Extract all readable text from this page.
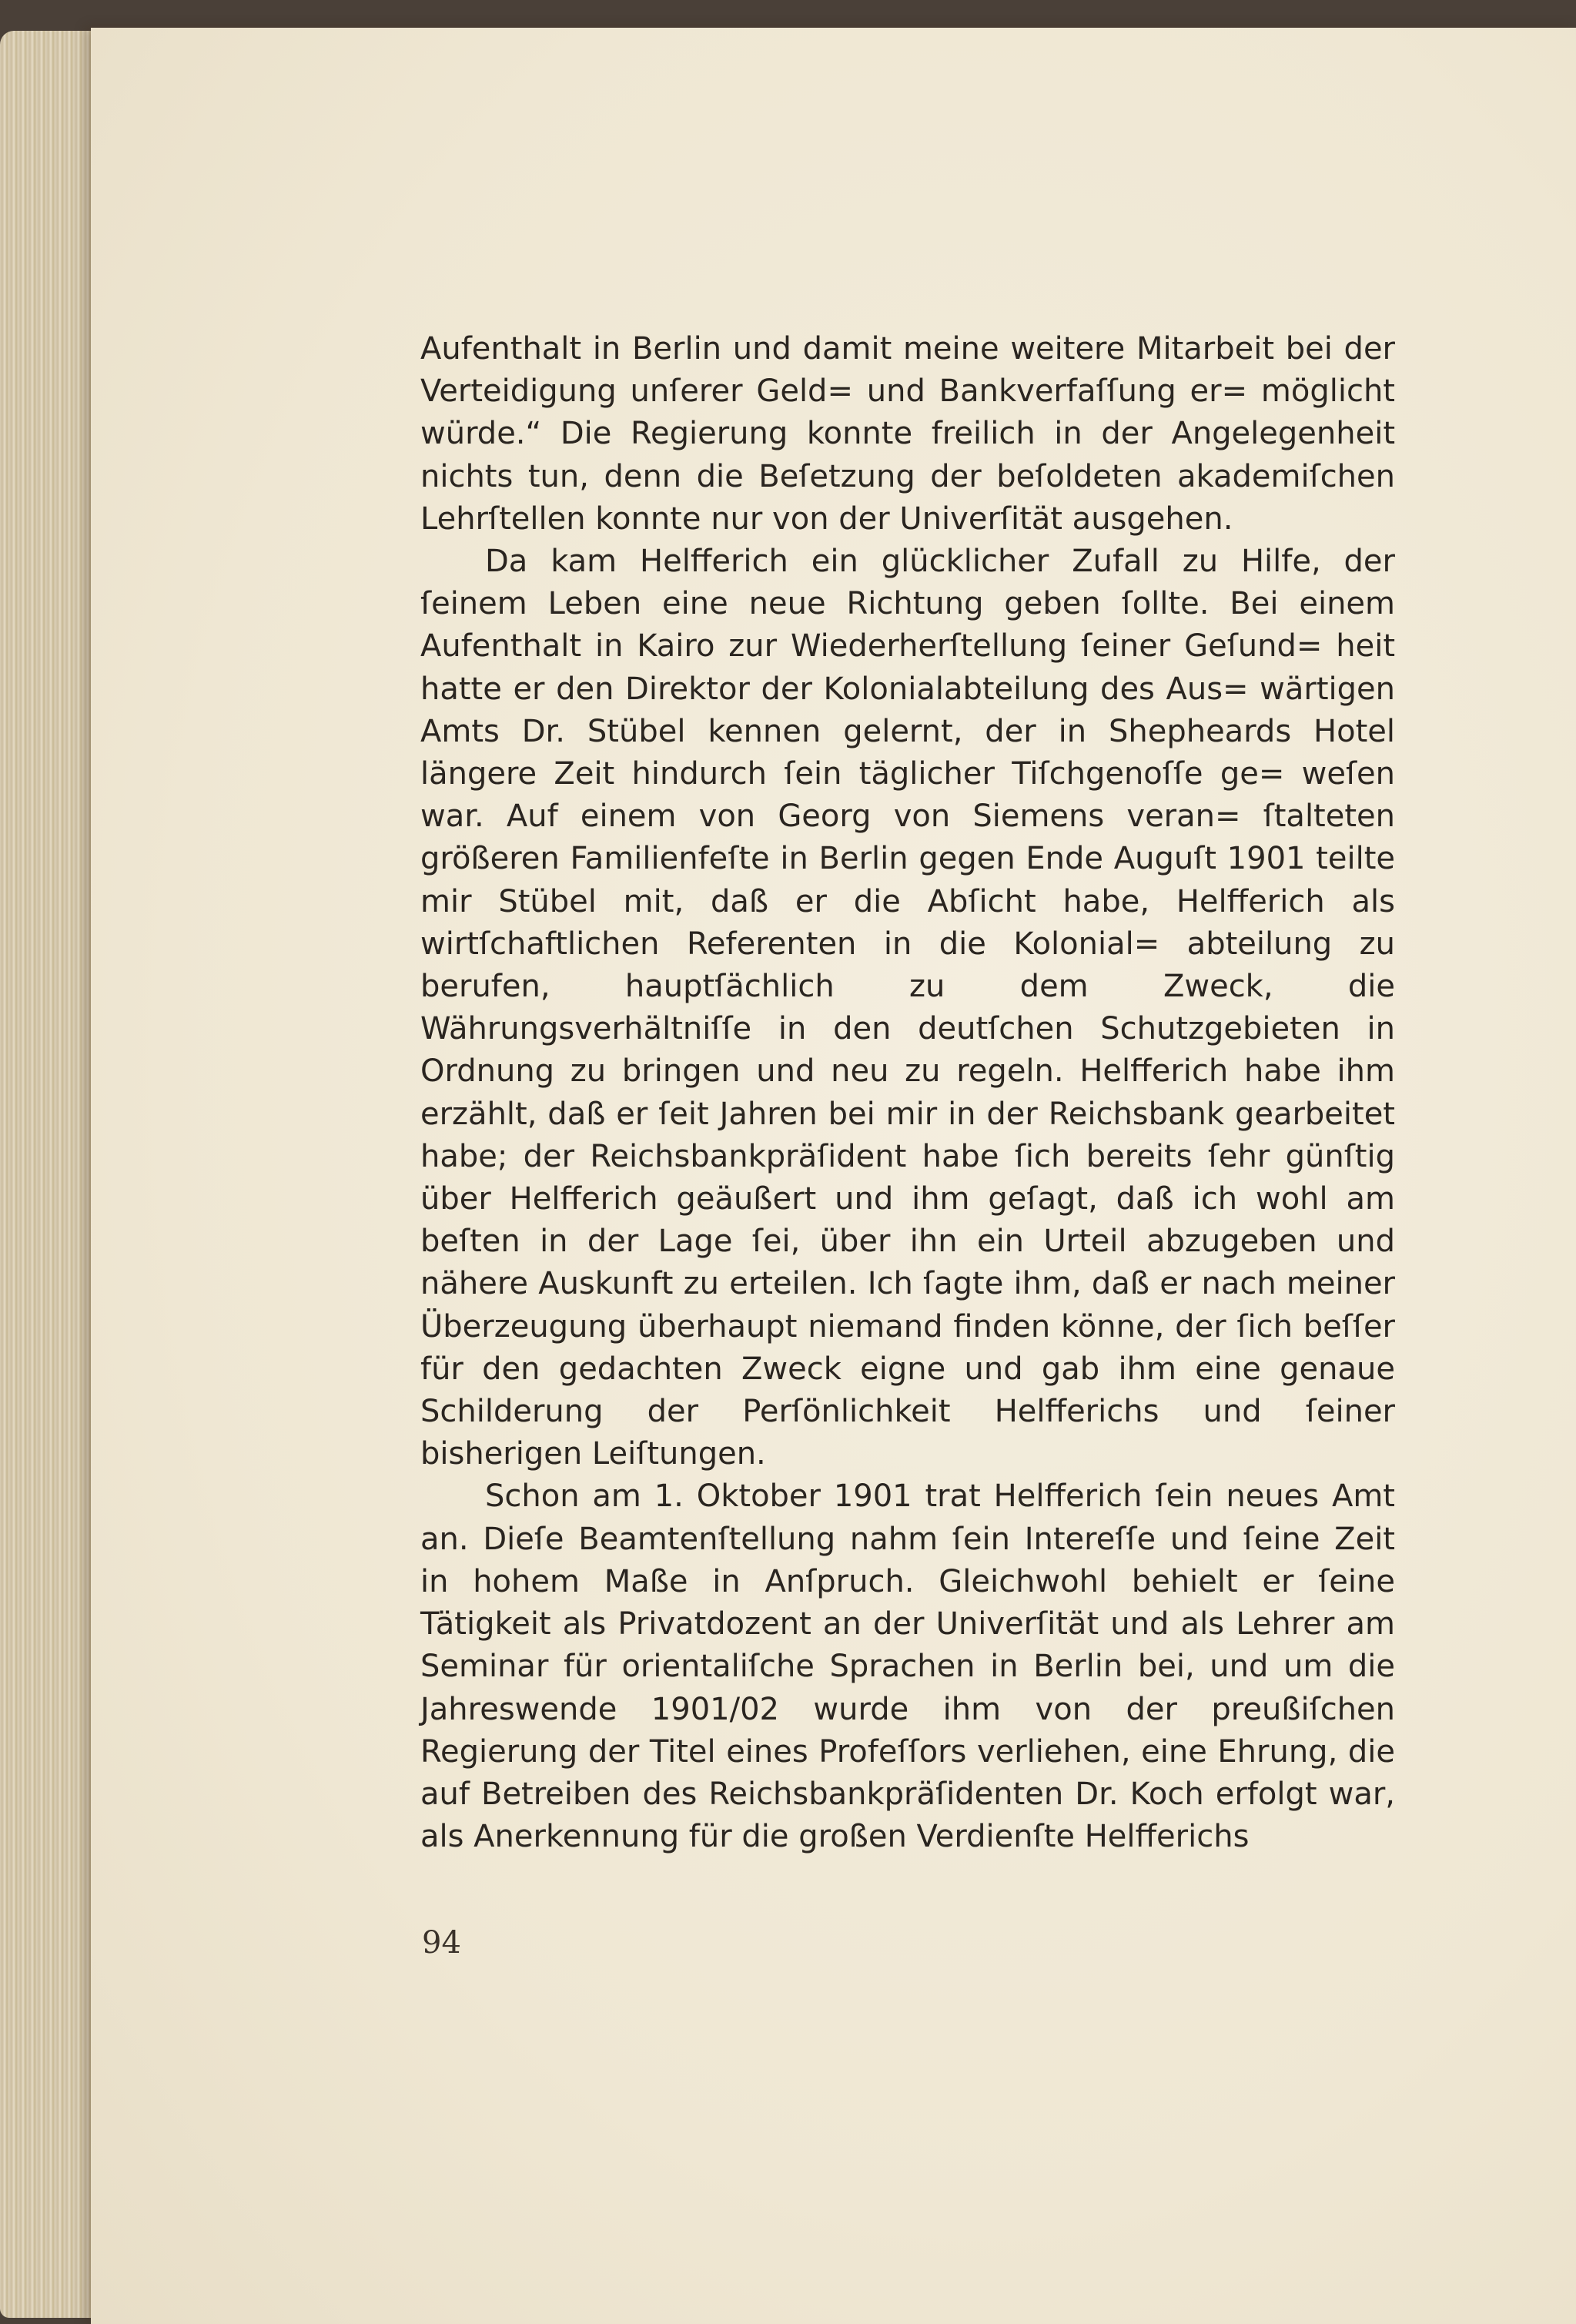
Aufenthalt in Berlin und damit meine weitere Mitarbeit bei der Verteidigung unſerer Geld= und Bankverfaſſung er= möglicht würde.“ Die Regierung konnte freilich in der Angelegenheit nichts tun, denn die Beſetzung der beſoldeten akademiſchen Lehrſtellen konnte nur von der Univerſität ausgehen.

Da kam Helfferich ein glücklicher Zufall zu Hilfe, der ſeinem Leben eine neue Richtung geben ſollte. Bei einem Aufenthalt in Kairo zur Wiederherſtellung ſeiner Geſund= heit hatte er den Direktor der Kolonialabteilung des Aus= wärtigen Amts Dr. Stübel kennen gelernt, der in Shepheards Hotel längere Zeit hindurch ſein täglicher Tiſchgenoſſe ge= weſen war. Auf einem von Georg von Siemens veran= ſtalteten größeren Familienfeſte in Berlin gegen Ende Auguſt 1901 teilte mir Stübel mit, daß er die Abſicht habe, Helfferich als wirtſchaftlichen Referenten in die Kolonial= abteilung zu berufen, hauptſächlich zu dem Zweck, die Währungsverhältniſſe in den deutſchen Schutzgebieten in Ordnung zu bringen und neu zu regeln. Helfferich habe ihm erzählt, daß er ſeit Jahren bei mir in der Reichsbank gearbeitet habe; der Reichsbankpräſident habe ſich bereits ſehr günſtig über Helfferich geäußert und ihm geſagt, daß ich wohl am beſten in der Lage ſei, über ihn ein Urteil abzugeben und nähere Auskunft zu erteilen. Ich ſagte ihm, daß er nach meiner Überzeugung überhaupt niemand finden könne, der ſich beſſer für den gedachten Zweck eigne und gab ihm eine genaue Schilderung der Perſönlichkeit Helfferichs und ſeiner bisherigen Leiſtungen.

Schon am 1. Oktober 1901 trat Helfferich ſein neues Amt an. Dieſe Beamtenſtellung nahm ſein Intereſſe und ſeine Zeit in hohem Maße in Anſpruch. Gleichwohl behielt er ſeine Tätigkeit als Privatdozent an der Univerſität und als Lehrer am Seminar für orientaliſche Sprachen in Berlin bei, und um die Jahreswende 1901/02 wurde ihm von der preußiſchen Regierung der Titel eines Profeſſors verliehen, eine Ehrung, die auf Betreiben des Reichsbankpräſidenten Dr. Koch erfolgt war, als Anerkennung für die großen Verdienſte Helfferichs

94
